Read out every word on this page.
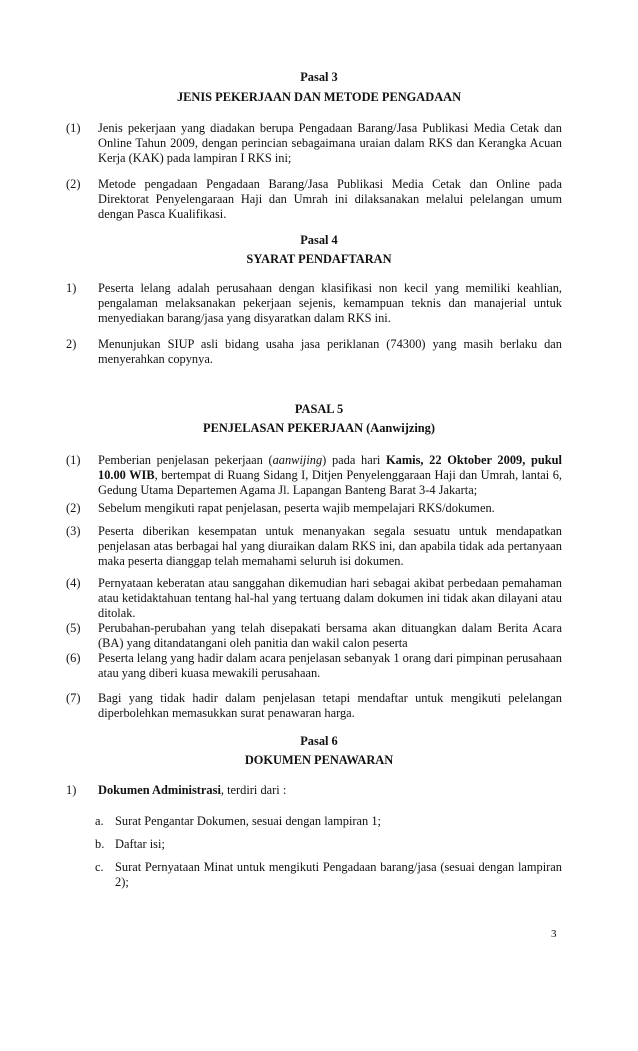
Pasal 3
JENIS PEKERJAAN DAN METODE PENGADAAN
(1) Jenis pekerjaan yang diadakan berupa Pengadaan Barang/Jasa Publikasi Media Cetak dan Online Tahun 2009, dengan perincian sebagaimana uraian dalam RKS dan Kerangka Acuan Kerja (KAK) pada lampiran I RKS ini;
(2) Metode pengadaan Pengadaan Barang/Jasa Publikasi Media Cetak dan Online pada Direktorat Penyelengaraan Haji dan Umrah ini dilaksanakan melalui pelelangan umum dengan Pasca Kualifikasi.
Pasal 4
SYARAT PENDAFTARAN
1) Peserta lelang adalah perusahaan dengan klasifikasi non kecil yang memiliki keahlian, pengalaman melaksanakan pekerjaan sejenis, kemampuan teknis dan manajerial untuk menyediakan barang/jasa yang disyaratkan dalam RKS ini.
2) Menunjukan SIUP asli bidang usaha jasa periklanan (74300) yang masih berlaku dan menyerahkan copynya.
PASAL 5
PENJELASAN PEKERJAAN (Aanwijzing)
(1) Pemberian penjelasan pekerjaan (aanwijing) pada hari Kamis, 22 Oktober 2009, pukul 10.00 WIB, bertempat di Ruang Sidang I, Ditjen Penyelenggaraan Haji dan Umrah, lantai 6, Gedung Utama Departemen Agama Jl. Lapangan Banteng Barat 3-4 Jakarta;
(2) Sebelum mengikuti rapat penjelasan, peserta wajib mempelajari RKS/dokumen.
(3) Peserta diberikan kesempatan untuk menanyakan segala sesuatu untuk mendapatkan penjelasan atas berbagai hal yang diuraikan dalam RKS ini, dan apabila tidak ada pertanyaan maka peserta dianggap telah memahami seluruh isi dokumen.
(4) Pernyataan keberatan atau sanggahan dikemudian hari sebagai akibat perbedaan pemahaman atau ketidaktahuan tentang hal-hal yang tertuang dalam dokumen ini tidak akan dilayani atau ditolak.
(5) Perubahan-perubahan yang telah disepakati bersama akan dituangkan dalam Berita Acara (BA) yang ditandatangani oleh panitia dan wakil calon peserta
(6) Peserta lelang yang hadir dalam acara penjelasan sebanyak 1 orang dari pimpinan perusahaan atau yang diberi kuasa mewakili perusahaan.
(7) Bagi yang tidak hadir dalam penjelasan tetapi mendaftar untuk mengikuti pelelangan diperbolehkan memasukkan surat penawaran harga.
Pasal 6
DOKUMEN PENAWARAN
1) Dokumen Administrasi, terdiri dari :
a. Surat Pengantar Dokumen, sesuai dengan lampiran 1;
b. Daftar isi;
c. Surat Pernyataan Minat untuk mengikuti Pengadaan barang/jasa (sesuai dengan lampiran 2);
3
